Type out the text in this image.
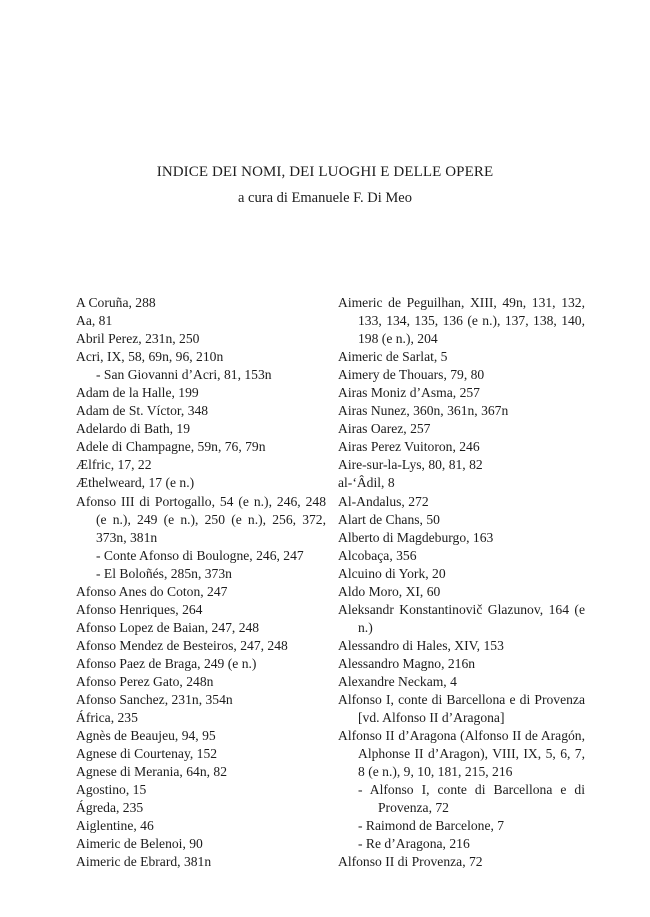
INDICE DEI NOMI, DEI LUOGHI E DELLE OPERE
a cura di Emanuele F. Di Meo
A Coruña, 288
Aa, 81
Abril Perez, 231n, 250
Acri, IX, 58, 69n, 96, 210n
- San Giovanni d’Acri, 81, 153n
Adam de la Halle, 199
Adam de St. Víctor, 348
Adelardo di Bath, 19
Adele di Champagne, 59n, 76, 79n
Ælfric, 17, 22
Æthelweard, 17 (e n.)
Afonso III di Portogallo, 54 (e n.), 246, 248 (e n.), 249 (e n.), 250 (e n.), 256, 372, 373n, 381n
- Conte Afonso di Boulogne, 246, 247
- El Boloñés, 285n, 373n
Afonso Anes do Coton, 247
Afonso Henriques, 264
Afonso Lopez de Baian, 247, 248
Afonso Mendez de Besteiros, 247, 248
Afonso Paez de Braga, 249 (e n.)
Afonso Perez Gato, 248n
Afonso Sanchez, 231n, 354n
África, 235
Agnès de Beaujeu, 94, 95
Agnese di Courtenay, 152
Agnese di Merania, 64n, 82
Agostino, 15
Ágreda, 235
Aiglentine, 46
Aimeric de Belenoi, 90
Aimeric de Ebrard, 381n
Aimeric de Peguilhan, XIII, 49n, 131, 132, 133, 134, 135, 136 (e n.), 137, 138, 140, 198 (e n.), 204
Aimeric de Sarlat, 5
Aimery de Thouars, 79, 80
Airas Moniz d’Asma, 257
Airas Nunez, 360n, 361n, 367n
Airas Oarez, 257
Airas Perez Vuitoron, 246
Aire-sur-la-Lys, 80, 81, 82
al-‘Âdil, 8
Al-Andalus, 272
Alart de Chans, 50
Alberto di Magdeburgo, 163
Alcobaça, 356
Alcuino di York, 20
Aldo Moro, XI, 60
Aleksandr Konstantinovič Glazunov, 164 (e n.)
Alessandro di Hales, XIV, 153
Alessandro Magno, 216n
Alexandre Neckam, 4
Alfonso I, conte di Barcellona e di Provenza [vd. Alfonso II d’Aragona]
Alfonso II d’Aragona (Alfonso II de Aragón, Alphonse II d’Aragon), VIII, IX, 5, 6, 7, 8 (e n.), 9, 10, 181, 215, 216
- Alfonso I, conte di Barcellona e di Provenza, 72
- Raimond de Barcelone, 7
- Re d’Aragona, 216
Alfonso II di Provenza, 72
